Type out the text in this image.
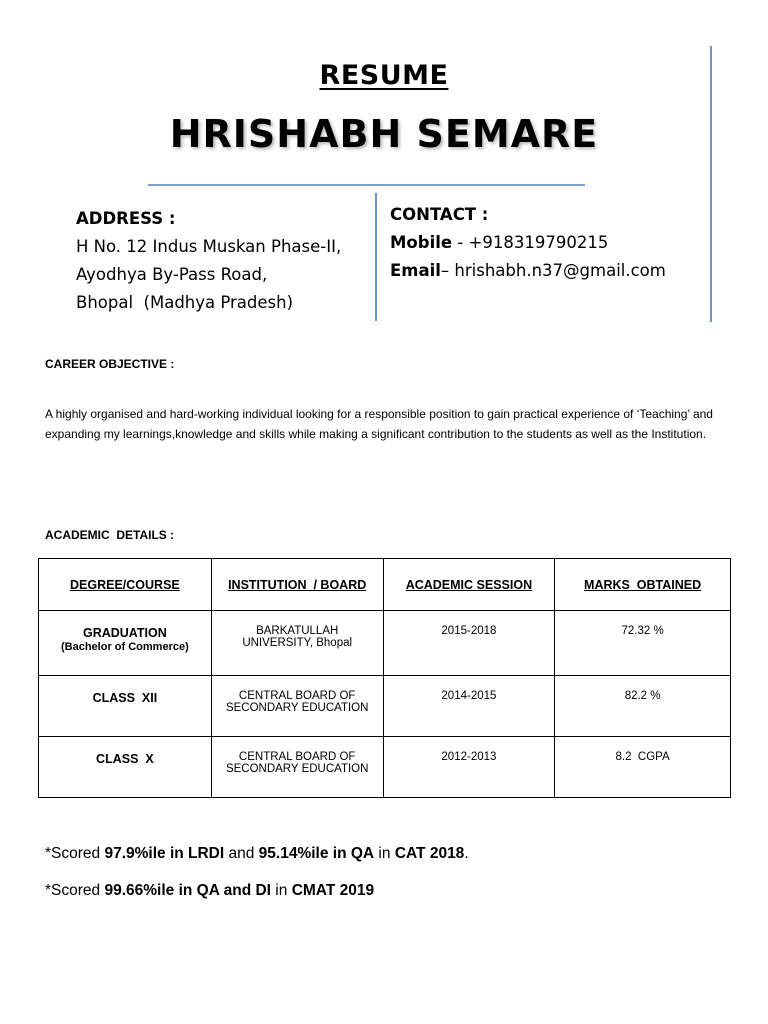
RESUME
HRISHABH SEMARE
ADDRESS :
H No. 12 Indus Muskan Phase-II,
Ayodhya By-Pass Road,
Bhopal  (Madhya Pradesh)
CONTACT :
Mobile - +918319790215
Email– hrishabh.n37@gmail.com
CAREER OBJECTIVE :
A highly organised and hard-working individual looking for a responsible position to gain practical experience of ‘Teaching’ and expanding my learnings,knowledge and skills while making a significant contribution to the students as well as the Institution.
ACADEMIC  DETAILS :
DEGREE/COURSE	INSTITUTION  / BOARD	ACADEMIC SESSION	MARKS  OBTAINED

GRADUATION
(Bachelor of Commerce)	BARKATULLAH UNIVERSITY, Bhopal	2015-2018	72.32 %

CLASS  XII	CENTRAL BOARD OF SECONDARY EDUCATION	2014-2015	82.2 %

CLASS  X	CENTRAL BOARD OF SECONDARY EDUCATION	2012-2013	8.2  CGPA
*Scored 97.9%ile in LRDI and 95.14%ile in QA in CAT 2018.
*Scored 99.66%ile in QA and DI in CMAT 2019
